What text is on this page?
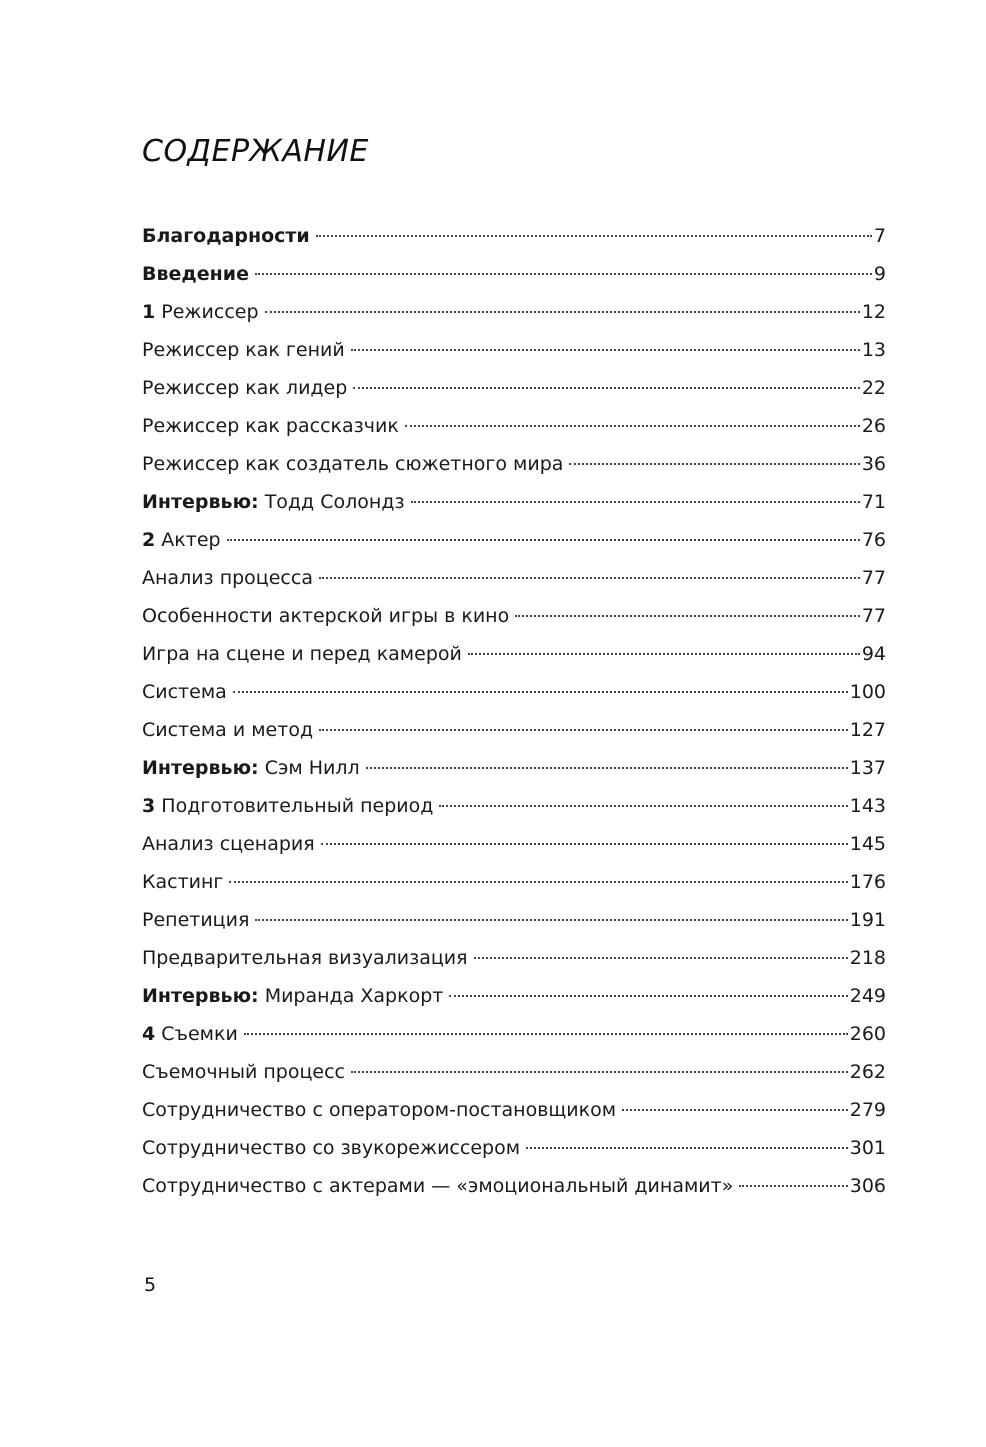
СОДЕРЖАНИЕ
Благодарности	7
Введение	9
1 Режиссер	12
Режиссер как гений	13
Режиссер как лидер	22
Режиссер как рассказчик	26
Режиссер как создатель сюжетного мира	36
Интервью: Тодд Солондз	71
2 Актер	76
Анализ процесса	77
Особенности актерской игры в кино	77
Игра на сцене и перед камерой	94
Система	100
Система и метод	127
Интервью: Сэм Нилл	137
3 Подготовительный период	143
Анализ сценария	145
Кастинг	176
Репетиция	191
Предварительная визуализация	218
Интервью: Миранда Харкорт	249
4 Съемки	260
Съемочный процесс	262
Сотрудничество с оператором-постановщиком	279
Сотрудничество со звукорежиссером	301
Сотрудничество с актерами — «эмоциональный динамит»	306
5
